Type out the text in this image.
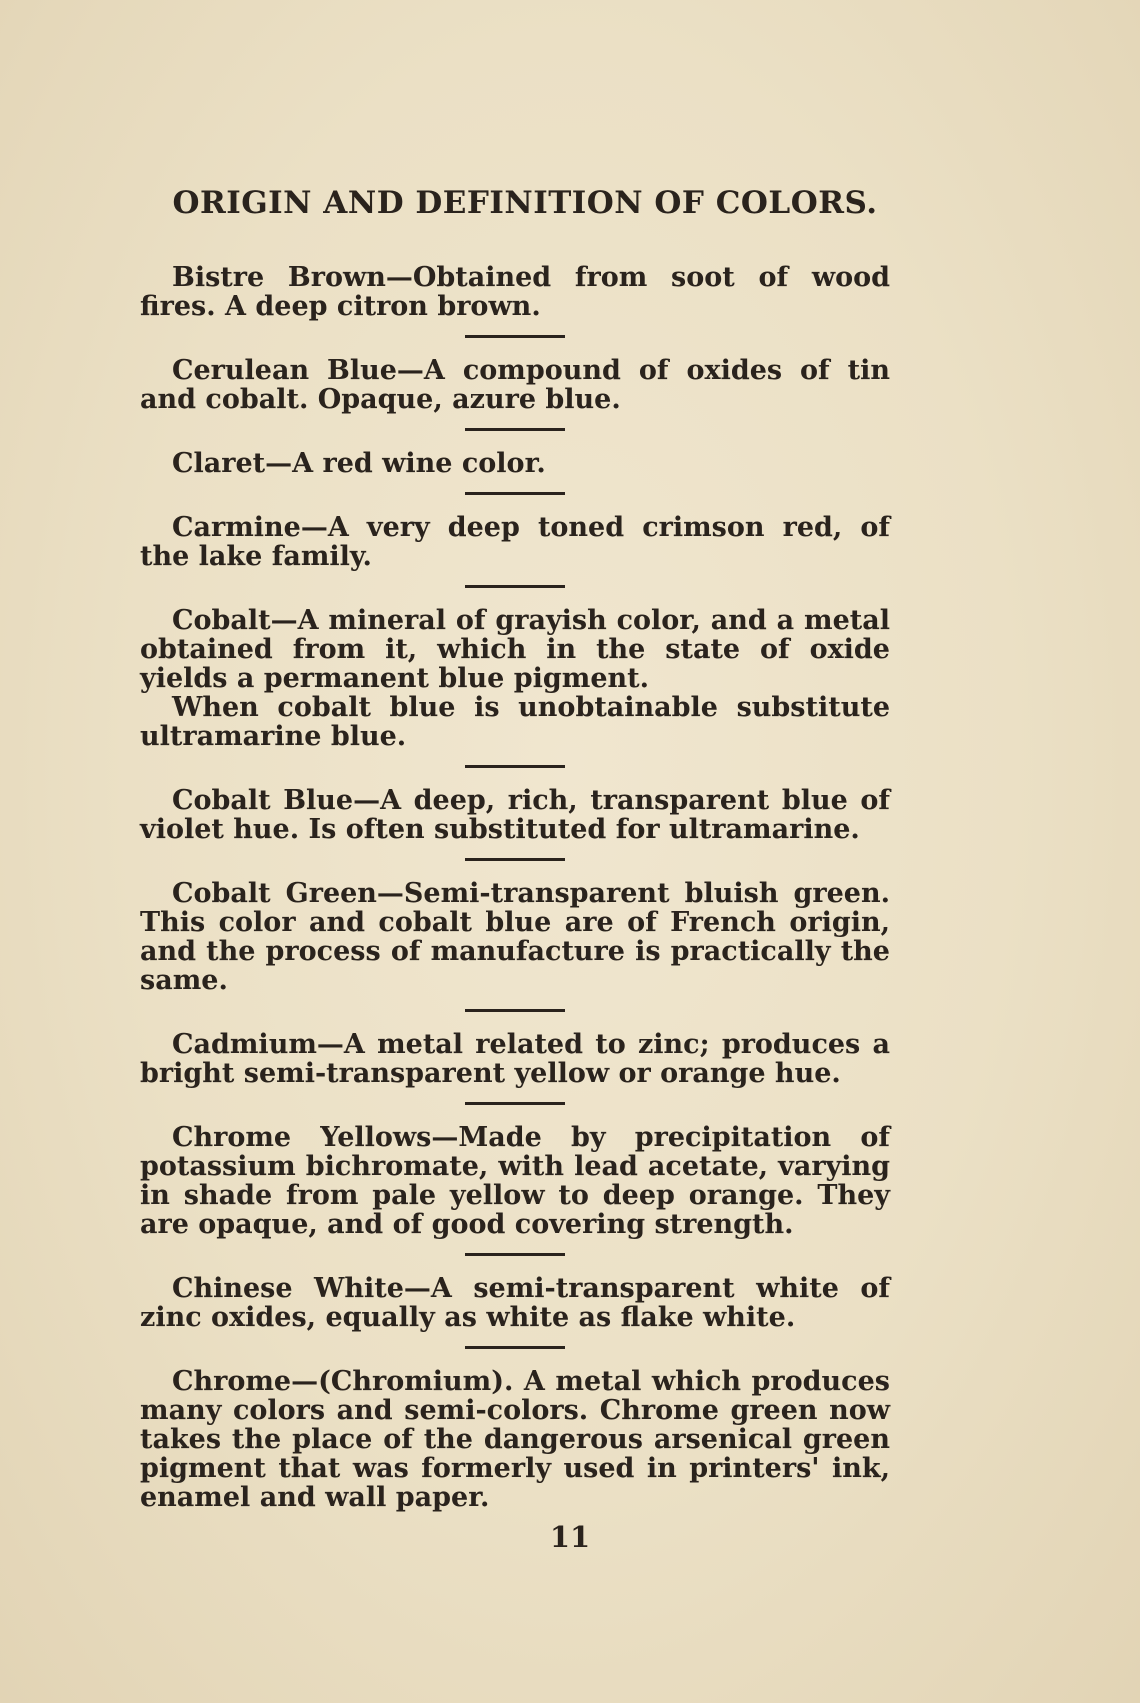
ORIGIN AND DEFINITION OF COLORS.

Bistre Brown—Obtained from soot of wood fires. A deep citron brown.

Cerulean Blue—A compound of oxides of tin and cobalt. Opaque, azure blue.

Claret—A red wine color.

Carmine—A very deep toned crimson red, of the lake family.

Cobalt—A mineral of grayish color, and a metal obtained from it, which in the state of oxide yields a permanent blue pigment.

When cobalt blue is unobtainable substitute ultramarine blue.

Cobalt Blue—A deep, rich, transparent blue of violet hue. Is often substituted for ultramarine.

Cobalt Green—Semi-transparent bluish green. This color and cobalt blue are of French origin, and the process of manufacture is practically the same.

Cadmium—A metal related to zinc; produces a bright semi-transparent yellow or orange hue.

Chrome Yellows—Made by precipitation of potassium bichromate, with lead acetate, varying in shade from pale yellow to deep orange. They are opaque, and of good covering strength.

Chinese White—A semi-transparent white of zinc oxides, equally as white as flake white.

Chrome—(Chromium). A metal which produces many colors and semi-colors. Chrome green now takes the place of the dangerous arsenical green pigment that was formerly used in printers' ink, enamel and wall paper.

11
